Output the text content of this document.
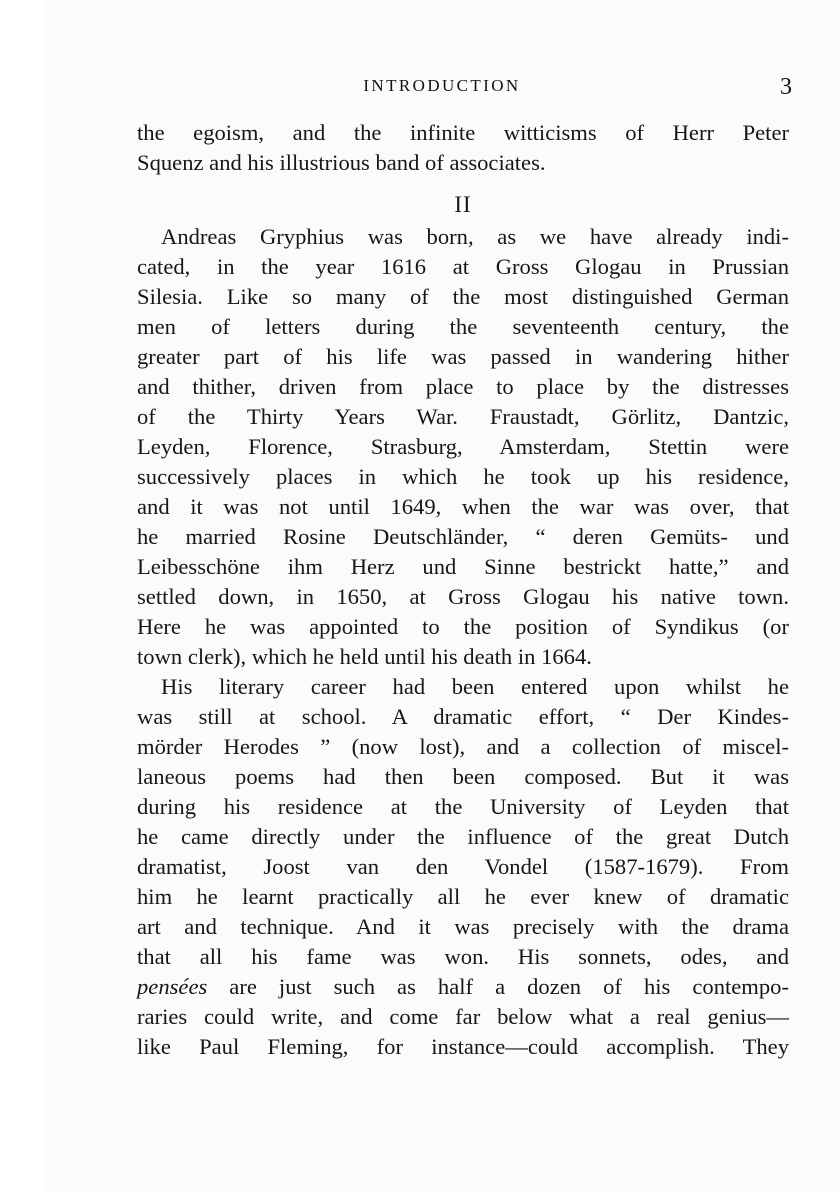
INTRODUCTION	3
the egoism, and the infinite witticisms of Herr Peter
Squenz and his illustrious band of associates.
II
Andreas Gryphius was born, as we have already indi-
cated, in the year 1616 at Gross Glogau in Prussian
Silesia. Like so many of the most distinguished German
men of letters during the seventeenth century, the
greater part of his life was passed in wandering hither
and thither, driven from place to place by the distresses
of the Thirty Years War. Fraustadt, Görlitz, Dantzic,
Leyden, Florence, Strasburg, Amsterdam, Stettin were
successively places in which he took up his residence,
and it was not until 1649, when the war was over, that
he married Rosine Deutschländer, “ deren Gemüts- und
Leibesschöne ihm Herz und Sinne bestrickt hatte,” and
settled down, in 1650, at Gross Glogau his native town.
Here he was appointed to the position of Syndikus (or
town clerk), which he held until his death in 1664.
His literary career had been entered upon whilst he
was still at school. A dramatic effort, “ Der Kindes-
mörder Herodes ” (now lost), and a collection of miscel-
laneous poems had then been composed. But it was
during his residence at the University of Leyden that
he came directly under the influence of the great Dutch
dramatist, Joost van den Vondel (1587-1679). From
him he learnt practically all he ever knew of dramatic
art and technique. And it was precisely with the drama
that all his fame was won. His sonnets, odes, and
pensées are just such as half a dozen of his contempo-
raries could write, and come far below what a real genius—
like Paul Fleming, for instance—could accomplish. They
